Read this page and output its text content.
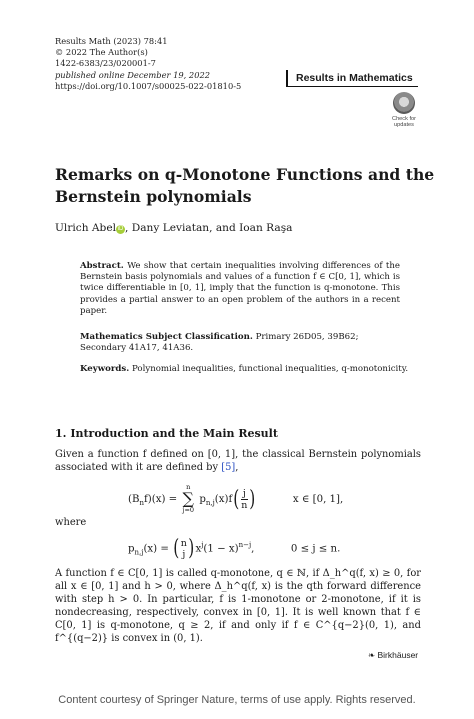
Results Math (2023) 78:41
© 2022 The Author(s)
1422-6383/23/020001-7
published online December 19, 2022
https://doi.org/10.1007/s00025-022-01810-5
Results in Mathematics
Check for
updates
Remarks on q-Monotone Functions and the Bernstein polynomials
Ulrich Abel iD , Dany Leviatan, and Ioan Raşa
Abstract. We show that certain inequalities involving differences of the Bernstein basis polynomials and values of a function f ∈ C[0, 1], which is twice differentiable in [0, 1], imply that the function is q-monotone. This provides a partial answer to an open problem of the authors in a recent paper.
Mathematics Subject Classification. Primary 26D05, 39B62; Secondary 41A17, 41A36.
Keywords. Polynomial inequalities, functional inequalities, q-monotonicity.
1. Introduction and the Main Result
Given a function f defined on [0, 1], the classical Bernstein polynomials associated with it are defined by [5],
$(B_nf)(x)$ =
n
∑
j=0
$p_{n,j}(x)f( \frac{j}{n})$	x ∈ [0, 1],
where
$p_{n,j}(x)$ = ( n
j )$x^j(1 - x)^{n-j}$,	0 ≤ j ≤ n.
A function f ∈ C[0, 1] is called q-monotone, q ∈ ℕ, if Δ_h^q(f, x) ≥ 0, for all x ∈ [0, 1] and h > 0, where Δ_h^q(f, x) is the qth forward difference with step h > 0. In particular, f is 1-monotone or 2-monotone, if it is nondecreasing, respectively, convex in [0, 1]. It is well known that f ∈ C[0, 1] is q-monotone, q ≥ 2, if and only if f ∈ C^{q−2}(0, 1), and f^{(q−2)} is convex in (0, 1).
❧ Birkhäuser
Content courtesy of Springer Nature, terms of use apply. Rights reserved.
